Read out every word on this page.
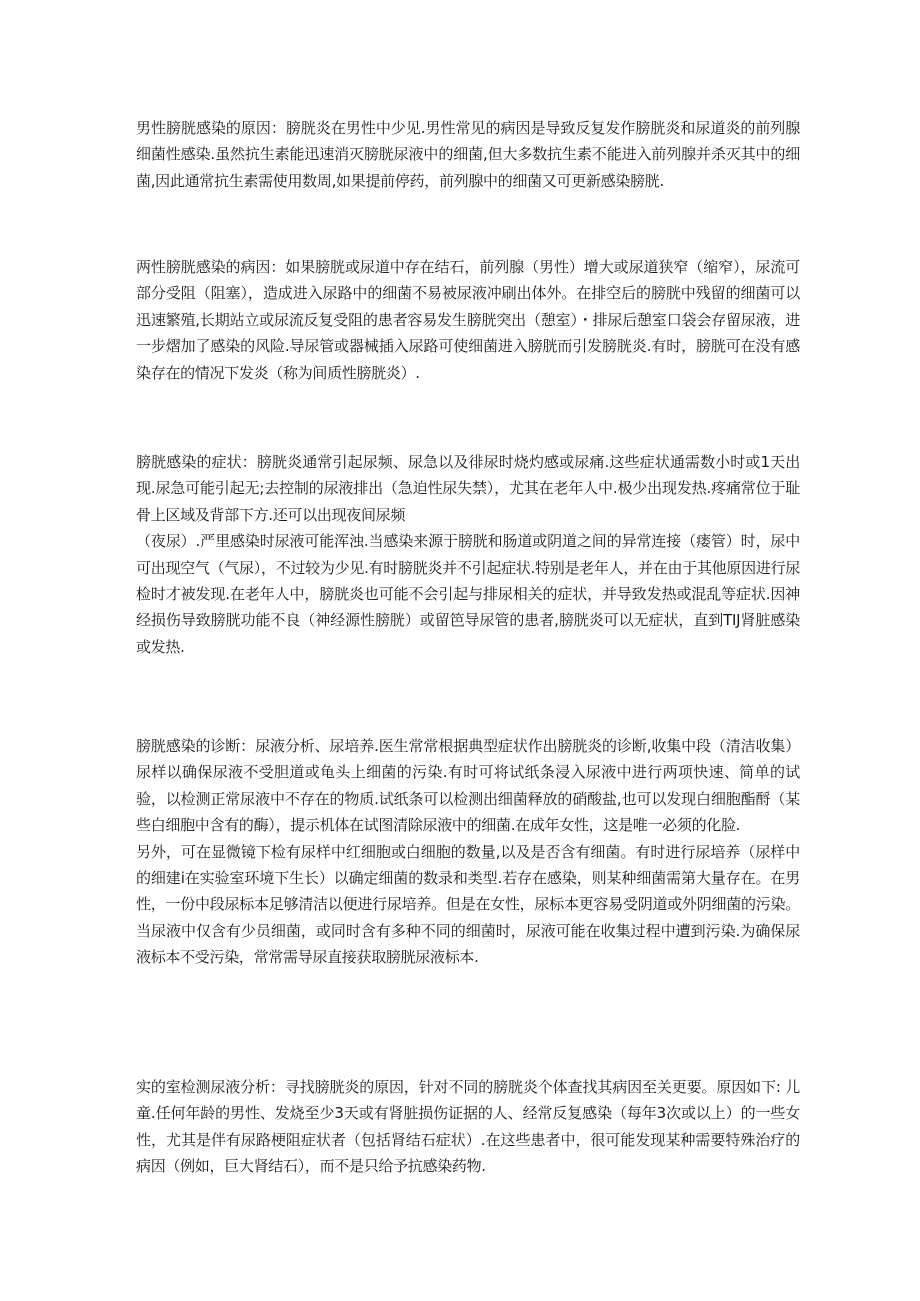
男性膀胱感染的原因：膀胱炎在男性中少见.男性常见的病因是导致反复发作膀胱炎和尿道炎的前列腺细菌性感染.虽然抗生素能迅速消灭膀胱尿液中的细菌,但大多数抗生素不能进入前列腺并杀灭其中的细菌,因此通常抗生素需使用数周,如果提前停药，前列腺中的细菌又可更新感染膀胱.

两性膀胱感染的病因：如果膀胱或尿道中存在结石，前列腺（男性）增大或尿道狭窄（缩窄），尿流可部分受阻（阻塞），造成进入尿路中的细菌不易被尿液冲刷出体外。在排空后的膀胱中残留的细菌可以迅速繁殖,长期站立或尿流反复受阻的患者容易发生膀胱突出（憩室）・排尿后憩室口袋会存留尿液，进一步熠加了感染的风险.导尿管或器械插入尿路可使细菌进入膀胱而引发膀胱炎.有时，膀胱可在没有感染存在的情况下发炎（称为间质性膀胱炎）.

膀胱感染的症状：膀胱炎通常引起尿频、尿急以及徘尿时烧灼感或尿痛.这些症状通需数小时或1天出现.尿急可能引起无;去控制的尿液排出（急迫性尿失禁），尤其在老年人中.极少出现发热.疼痛常位于耻骨上区域及背部下方.还可以出现夜间尿频

（夜尿）.严里感染时尿液可能浑浊.当感染来源于膀胱和肠道或阴道之间的异常连接（瘘管）时，尿中可出现空气（气尿），不过较为少见.有时膀胱炎并不引起症状.特别是老年人，并在由于其他原因进行尿检时才被发现.在老年人中，膀胱炎也可能不会引起与排尿相关的症状，并导致发热或混乱等症状.因神经损伤导致膀胱功能不良（神经源性膀胱）或留笆导尿管的患者,膀胱炎可以无症状，直到TIJ肾脏感染或发热.

膀胱感染的诊断：尿液分析、尿培养.医生常常根据典型症状作出膀胱炎的诊断,收集中段（清洁收集）尿样以确保尿液不受胆道或龟头上细菌的污染.有时可将试纸条浸入尿液中进行两项快速、简单的试验，以检测正常尿液中不存在的物质.试纸条可以检测出细菌释放的硝酸盐,也可以发现白细胞酯酹（某些白细胞中含有的酶），提示机体在试图清除尿液中的细菌.在成年女性，这是唯一必须的化脸.

另外，可在显微镜下检有尿样中红细胞或白细胞的数量,以及是否含有细菌。有时进行尿培养（尿样中的细建i在实验室环境下生长）以确定细菌的数录和类型.若存在感染，则某种细菌需第大量存在。在男性，一份中段尿标本足够清洁以便进行尿培养。但是在女性，尿标本更容易受阴道或外阴细菌的污染。当尿液中仅含有少员细菌，或同时含有多种不同的细菌时，尿液可能在收集过程中遭到污染.为确保尿液标本不受污染，常常需导尿直接获取膀胱尿液标本.

实的室检测尿液分析：寻找膀胱炎的原因，针对不同的膀胱炎个体查找其病因至关更要。原因如下: 儿童.任何年龄的男性、发烧至少3天或有肾脏损伤证据的人、经常反复感染（每年3次或以上）的一些女性，尤其是伴有尿路梗阻症状者（包括肾结石症状）.在这些患者中，很可能发现某种需要特殊治疗的病因（例如，巨大肾结石），而不是只给予抗感染药物.
